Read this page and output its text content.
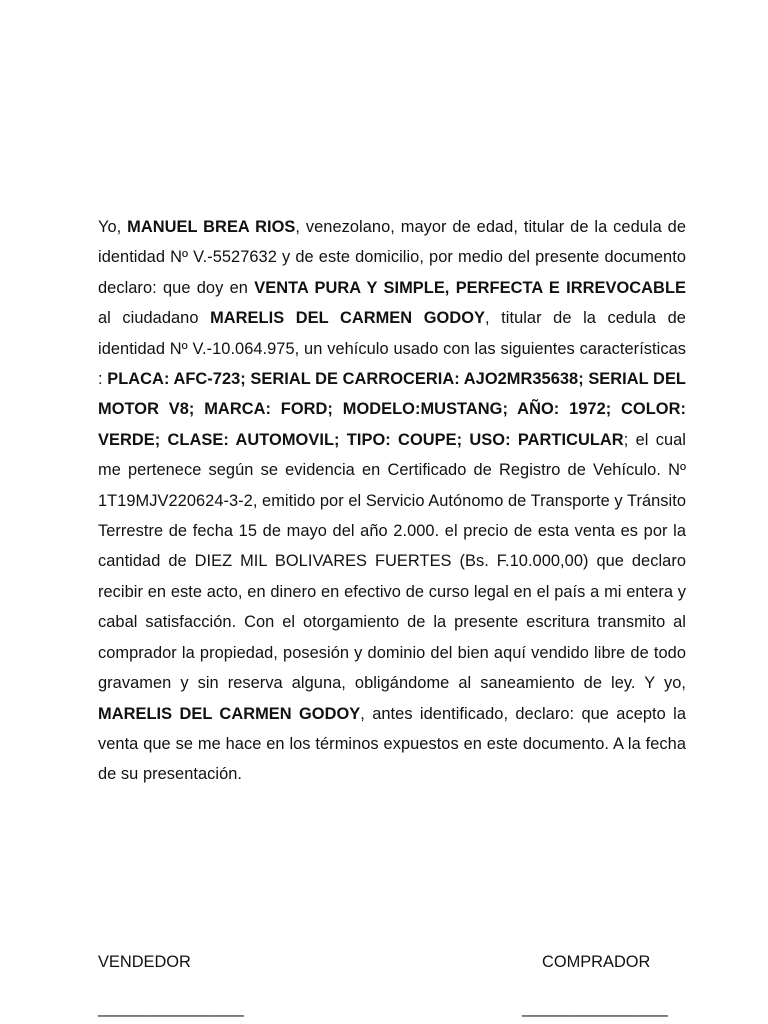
Yo, MANUEL BREA RIOS, venezolano, mayor de edad, titular de la cedula de identidad Nº V.-5527632 y de este domicilio, por medio del presente documento declaro: que doy en VENTA PURA Y SIMPLE, PERFECTA E IRREVOCABLE al ciudadano MARELIS DEL CARMEN GODOY, titular de la cedula de identidad Nº V.-10.064.975, un vehículo usado con las siguientes características : PLACA: AFC-723; SERIAL DE CARROCERIA: AJO2MR35638; SERIAL DEL MOTOR V8; MARCA: FORD; MODELO:MUSTANG; AÑO: 1972; COLOR: VERDE; CLASE: AUTOMOVIL; TIPO: COUPE; USO: PARTICULAR; el cual me pertenece según se evidencia en Certificado de Registro de Vehículo. Nº 1T19MJV220624-3-2, emitido por el Servicio Autónomo de Transporte y Tránsito Terrestre de fecha 15 de mayo del año 2.000. el precio de esta venta es por la cantidad de DIEZ MIL BOLIVARES FUERTES (Bs. F.10.000,00) que declaro recibir en este acto, en dinero en efectivo de curso legal en el país a mi entera y cabal satisfacción. Con el otorgamiento de la presente escritura transmito al comprador la propiedad, posesión y dominio del bien aquí vendido libre de todo gravamen y sin reserva alguna, obligándome al saneamiento de ley. Y yo, MARELIS DEL CARMEN GODOY, antes identificado, declaro: que acepto la venta que se me hace en los términos expuestos en este documento. A la fecha de su presentación.

VENDEDOR	COMPRADOR

________________	________________
